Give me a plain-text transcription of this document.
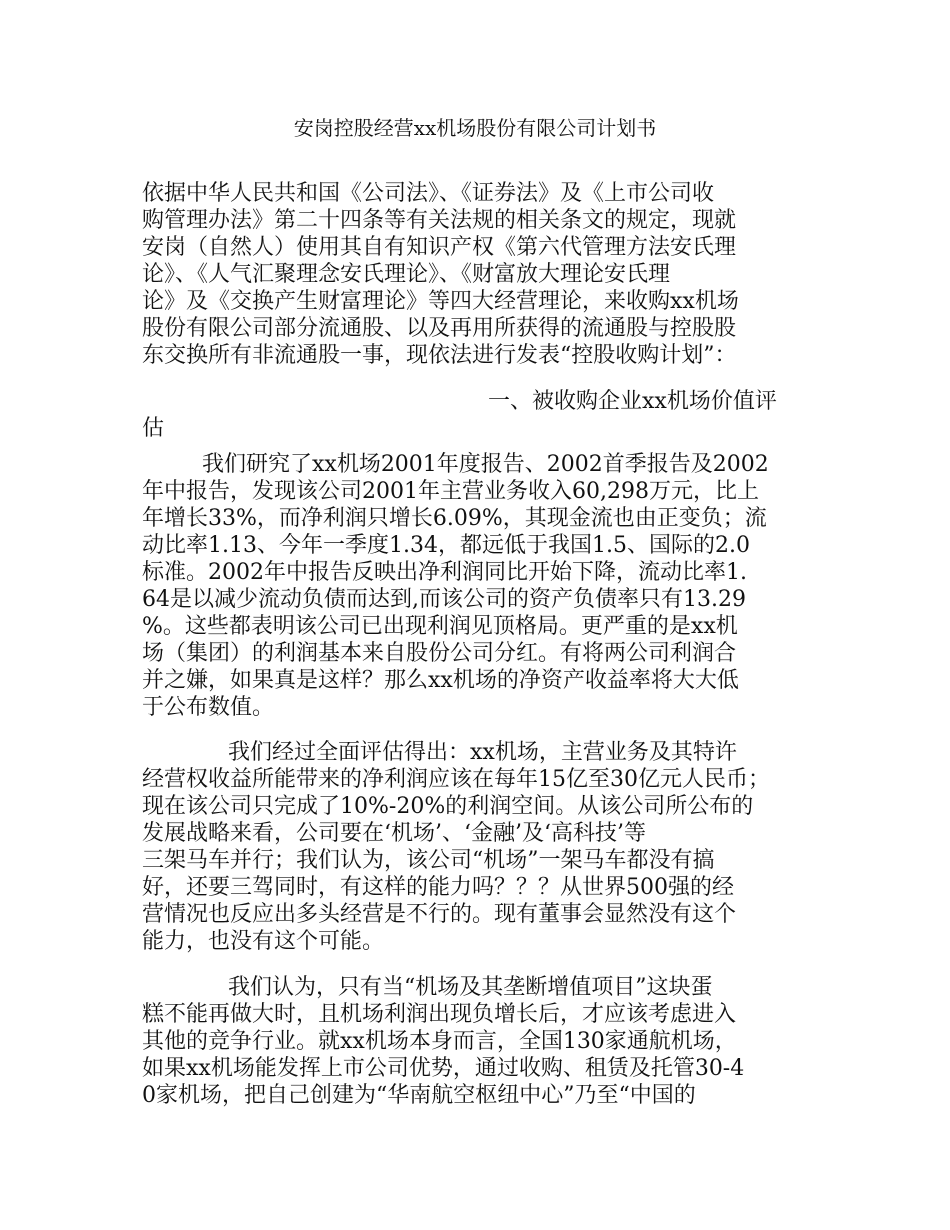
安岗控股经营xx机场股份有限公司计划书
依据中华人民共和国《公司法》、《证券法》及《上市公司收
购管理办法》第二十四条等有关法规的相关条文的规定，现就
安岗（自然人）使用其自有知识产权《第六代管理方法安氏理
论》、《人气汇聚理念安氏理论》、《财富放大理论安氏理
论》及《交换产生财富理论》等四大经营理论，来收购xx机场
股份有限公司部分流通股、以及再用所获得的流通股与控股股
东交换所有非流通股一事，现依法进行发表“控股收购计划”：
一、被收购企业xx机场价值评
估
我们研究了xx机场2001年度报告、2002首季报告及2002
年中报告，发现该公司2001年主营业务收入60,298万元，比上
年增长33%，而净利润只增长6.09%，其现金流也由正变负；流
动比率1.13、今年一季度1.34，都远低于我国1.5、国际的2.0
标准。2002年中报告反映出净利润同比开始下降，流动比率1.
64是以减少流动负债而达到,而该公司的资产负债率只有13.29
%。这些都表明该公司已出现利润见顶格局。更严重的是xx机
场（集团）的利润基本来自股份公司分红。有将两公司利润合
并之嫌，如果真是这样？那么xx机场的净资产收益率将大大低
于公布数值。
我们经过全面评估得出：xx机场，主营业务及其特许
经营权收益所能带来的净利润应该在每年15亿至30亿元人民币；
现在该公司只完成了10%-20%的利润空间。从该公司所公布的
发展战略来看，公司要在‘机场’、‘金融’及‘高科技’等
三架马车并行；我们认为，该公司“机场”一架马车都没有搞
好，还要三驾同时，有这样的能力吗？？？从世界500强的经
营情况也反应出多头经营是不行的。现有董事会显然没有这个
能力，也没有这个可能。
我们认为，只有当“机场及其垄断增值项目”这块蛋
糕不能再做大时，且机场利润出现负增长后，才应该考虑进入
其他的竞争行业。就xx机场本身而言，全国130家通航机场，
如果xx机场能发挥上市公司优势，通过收购、租赁及托管30-4
0家机场，把自己创建为“华南航空枢纽中心”乃至“中国的
